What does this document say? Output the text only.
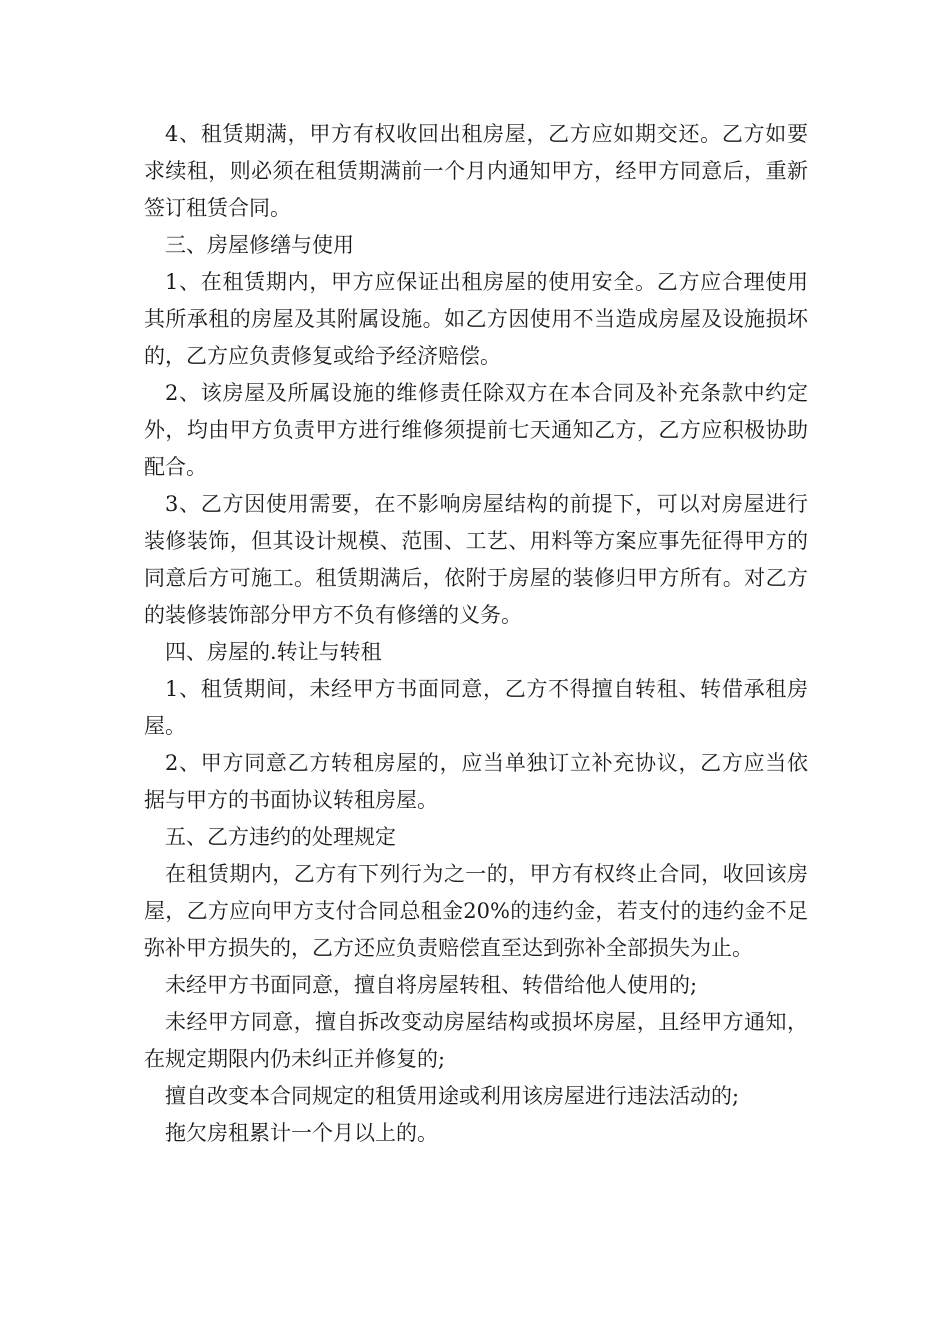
4、租赁期满，甲方有权收回出租房屋，乙方应如期交还。乙方如要求续租，则必须在租赁期满前一个月内通知甲方，经甲方同意后，重新签订租赁合同。

三、房屋修缮与使用

1、在租赁期内，甲方应保证出租房屋的使用安全。乙方应合理使用其所承租的房屋及其附属设施。如乙方因使用不当造成房屋及设施损坏的，乙方应负责修复或给予经济赔偿。

2、该房屋及所属设施的维修责任除双方在本合同及补充条款中约定外，均由甲方负责甲方进行维修须提前七天通知乙方，乙方应积极协助配合。

3、乙方因使用需要，在不影响房屋结构的前提下，可以对房屋进行装修装饰，但其设计规模、范围、工艺、用料等方案应事先征得甲方的同意后方可施工。租赁期满后，依附于房屋的装修归甲方所有。对乙方的装修装饰部分甲方不负有修缮的义务。

四、房屋的.转让与转租

1、租赁期间，未经甲方书面同意，乙方不得擅自转租、转借承租房屋。

2、甲方同意乙方转租房屋的，应当单独订立补充协议，乙方应当依据与甲方的书面协议转租房屋。

五、乙方违约的处理规定

在租赁期内，乙方有下列行为之一的，甲方有权终止合同，收回该房屋，乙方应向甲方支付合同总租金20%的违约金，若支付的违约金不足弥补甲方损失的，乙方还应负责赔偿直至达到弥补全部损失为止。

未经甲方书面同意，擅自将房屋转租、转借给他人使用的;

未经甲方同意，擅自拆改变动房屋结构或损坏房屋，且经甲方通知，在规定期限内仍未纠正并修复的;

擅自改变本合同规定的租赁用途或利用该房屋进行违法活动的;

拖欠房租累计一个月以上的。
